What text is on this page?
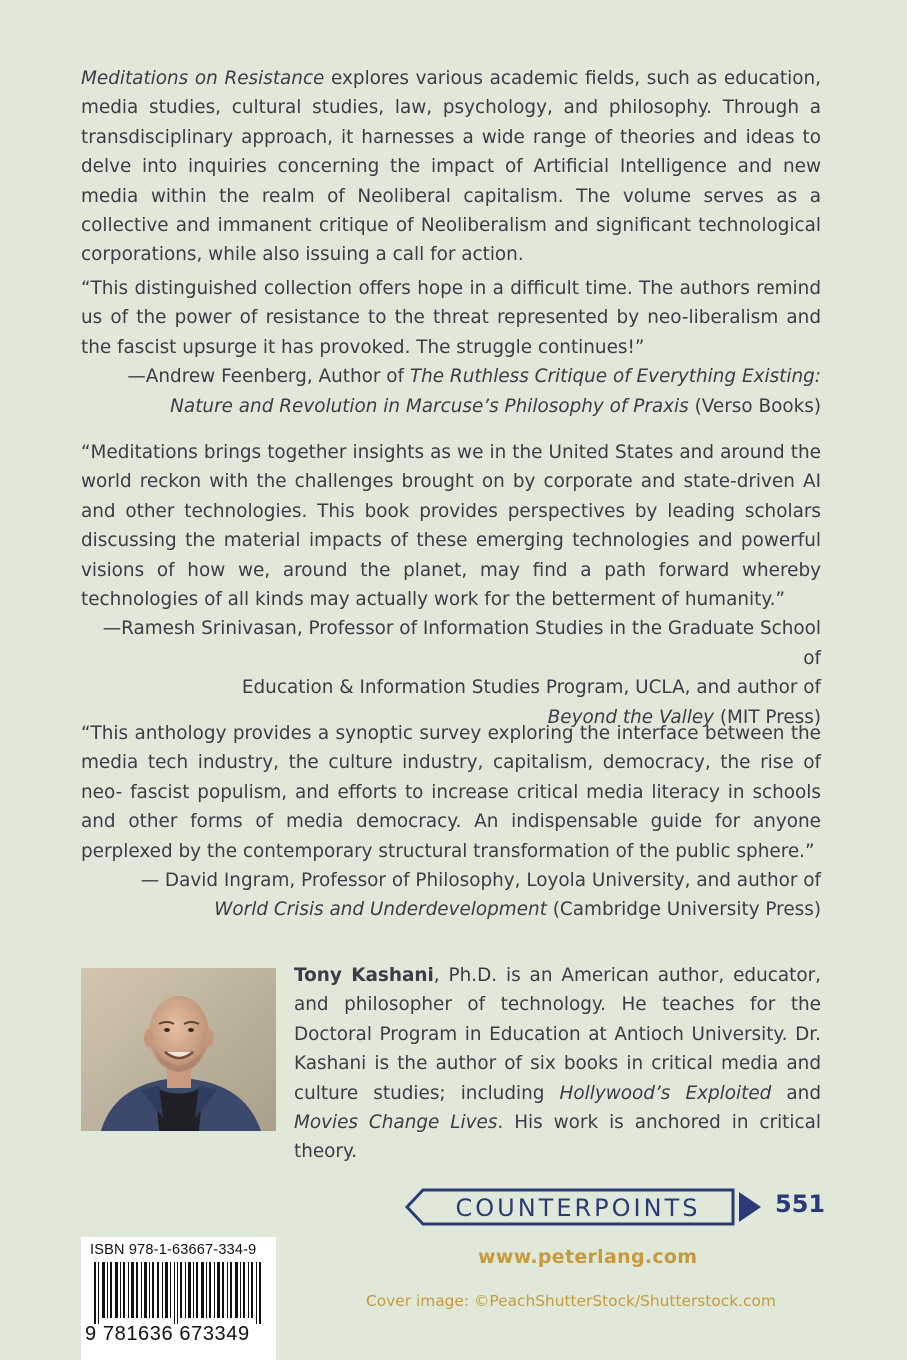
Meditations on Resistance explores various academic fields, such as education, media studies, cultural studies, law, psychology, and philosophy. Through a transdisciplinary approach, it harnesses a wide range of theories and ideas to delve into inquiries concerning the impact of Artificial Intelligence and new media within the realm of Neoliberal capitalism. The volume serves as a collective and immanent critique of Neoliberalism and significant technological corporations, while also issuing a call for action.

“This distinguished collection offers hope in a difficult time. The authors remind us of the power of resistance to the threat represented by neo-liberalism and the fascist upsurge it has provoked. The struggle continues!”
—Andrew Feenberg, Author of The Ruthless Critique of Everything Existing:
Nature and Revolution in Marcuse’s Philosophy of Praxis (Verso Books)
“Meditations brings together insights as we in the United States and around the world reckon with the challenges brought on by corporate and state-driven AI and other technologies. This book provides perspectives by leading scholars discussing the material impacts of these emerging technologies and powerful visions of how we, around the planet, may find a path forward whereby technologies of all kinds may actually work for the betterment of humanity.”
—Ramesh Srinivasan, Professor of Information Studies in the Graduate School of
Education & Information Studies Program, UCLA, and author of
Beyond the Valley (MIT Press)
“This anthology provides a synoptic survey exploring the interface between the media tech industry, the culture industry, capitalism, democracy, the rise of neo- fascist populism, and efforts to increase critical media literacy in schools and other forms of media democracy. An indispensable guide for anyone perplexed by the contemporary structural transformation of the public sphere.”
— David Ingram, Professor of Philosophy, Loyola University, and author of
World Crisis and Underdevelopment (Cambridge University Press)

Tony Kashani, Ph.D. is an American author, educator, and philosopher of technology. He teaches for the Doctoral Program in Education at Antioch University. Dr. Kashani is the author of six books in critical media and culture studies; including Hollywood’s Exploited and Movies Change Lives. His work is anchored in critical theory.

COUNTERPOINTS	551
ISBN 978-1-63667-334-9
9 781636 673349
www.peterlang.com
Cover image: ©PeachShutterStock/Shutterstock.com
